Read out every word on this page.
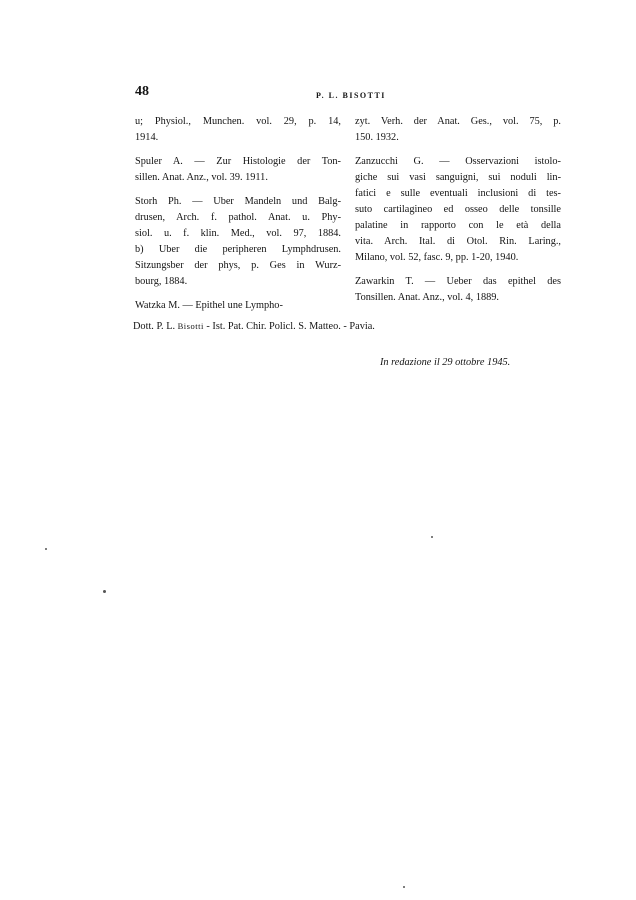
48	P. L. BISOTTI
u; Physiol., Munchen. vol. 29, p. 14,
1914.
Spuler A. — Zur Histologie der Ton-
sillen. Anat. Anz., vol. 39. 1911.
Storh Ph. — Uber Mandeln und Balg-
drusen, Arch. f. pathol. Anat. u. Phy-
siol. u. f. klin. Med., vol. 97, 1884.
b) Uber die peripheren Lymphdrusen.
Sitzungsber der phys, p. Ges in Wurz-
bourg, 1884.
Watzka M. — Epithel une Lympho-
zyt. Verh. der Anat. Ges., vol. 75, p.
150. 1932.
Zanzucchi G. — Osservazioni istolo-
giche sui vasi sanguigni, sui noduli lin-
fatici e sulle eventuali inclusioni di tes-
suto cartilagineo ed osseo delle tonsille
palatine in rapporto con le età della
vita. Arch. Ital. di Otol. Rin. Laring.,
Milano, vol. 52, fasc. 9, pp. 1-20, 1940.
Zawarkin T. — Ueber das epithel des
Tonsillen. Anat. Anz., vol. 4, 1889.
Dott. P. L. Bisotti - Ist. Pat. Chir. Policl. S. Matteo. - Pavia.
In redazione il 29 ottobre 1945.
